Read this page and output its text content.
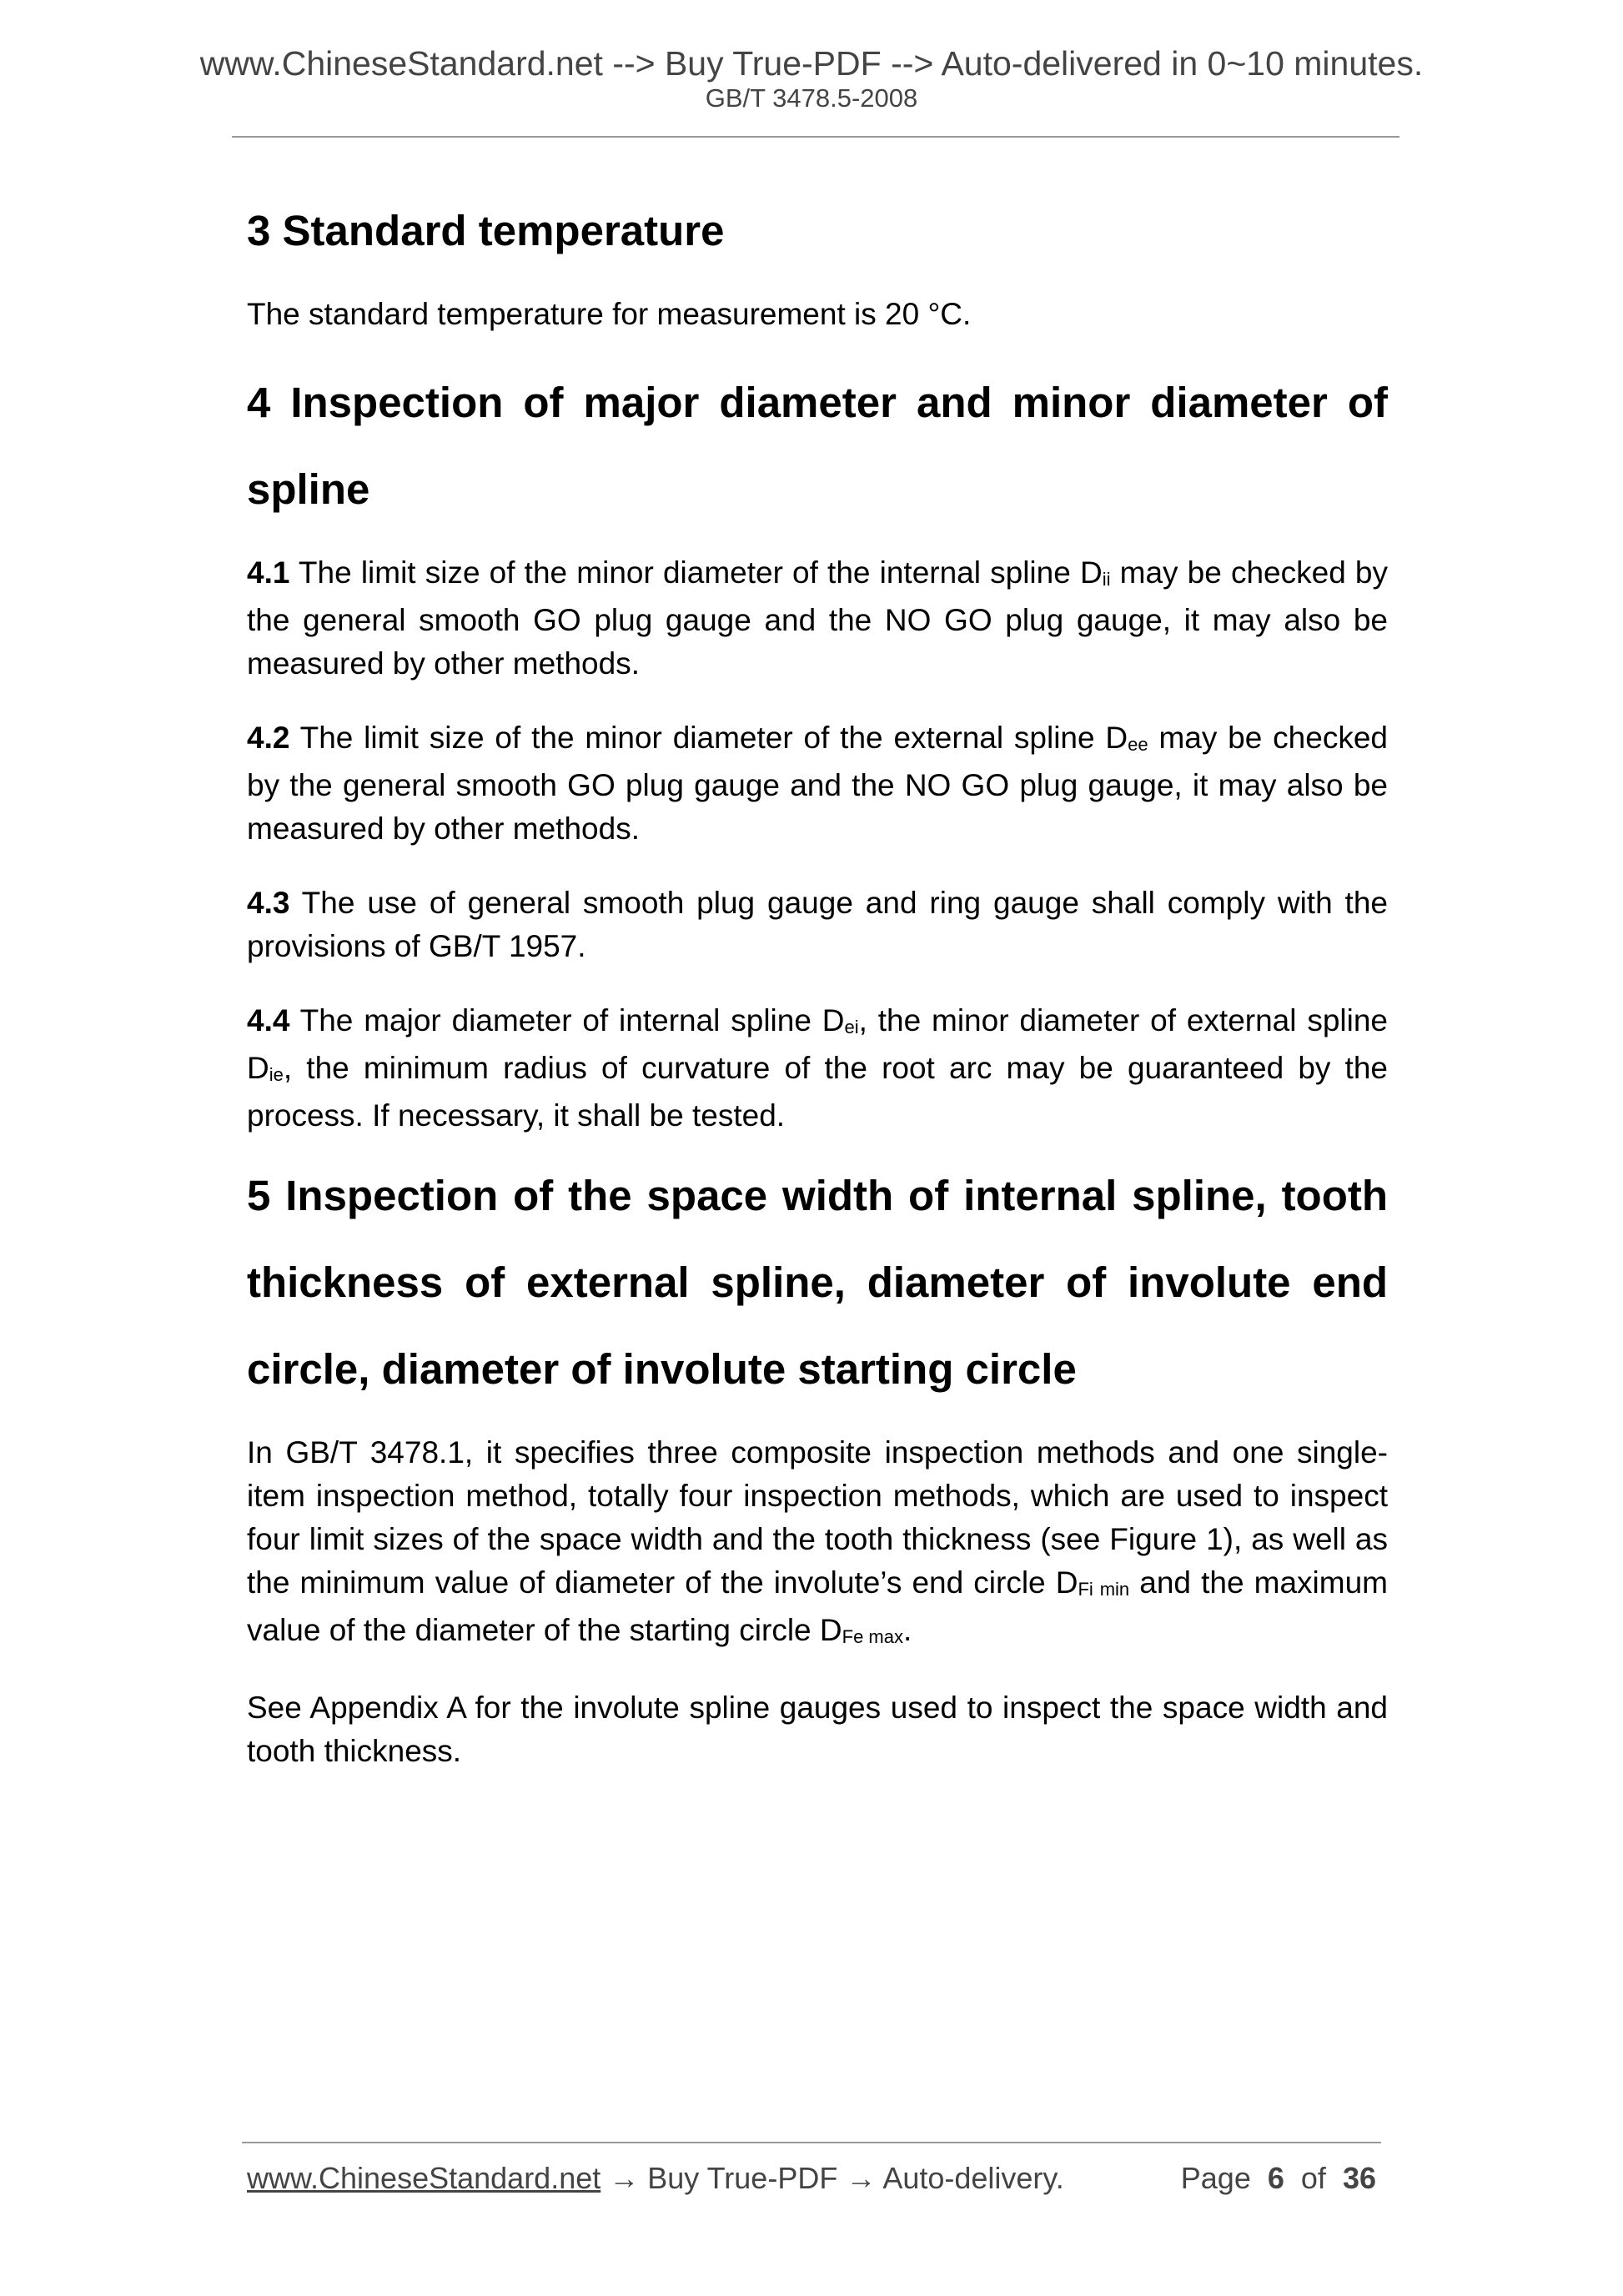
www.ChineseStandard.net --> Buy True-PDF --> Auto-delivered in 0~10 minutes.
GB/T 3478.5-2008
3 Standard temperature

The standard temperature for measurement is 20 °C.

4 Inspection of major diameter and minor diameter of spline

4.1 The limit size of the minor diameter of the internal spline $D_{ii}$ may be checked by the general smooth GO plug gauge and the NO GO plug gauge, it may also be measured by other methods.

4.2 The limit size of the minor diameter of the external spline $D_{ee}$ may be checked by the general smooth GO plug gauge and the NO GO plug gauge, it may also be measured by other methods.

4.3 The use of general smooth plug gauge and ring gauge shall comply with the provisions of GB/T 1957.

4.4 The major diameter of internal spline $D_{ei}$, the minor diameter of external spline $D_{ie}$, the minimum radius of curvature of the root arc may be guaranteed by the process. If necessary, it shall be tested.

5 Inspection of the space width of internal spline, tooth thickness of external spline, diameter of involute end circle, diameter of involute starting circle

In GB/T 3478.1, it specifies three composite inspection methods and one single-item inspection method, totally four inspection methods, which are used to inspect four limit sizes of the space width and the tooth thickness (see Figure 1), as well as the minimum value of diameter of the involute’s end circle $D_{Fi min}$ and the maximum value of the diameter of the starting circle $D_{Fe max}$.

See Appendix A for the involute spline gauges used to inspect the space width and tooth thickness.

www.ChineseStandard.net → Buy True-PDF → Auto-delivery.	Page 6 of 36
